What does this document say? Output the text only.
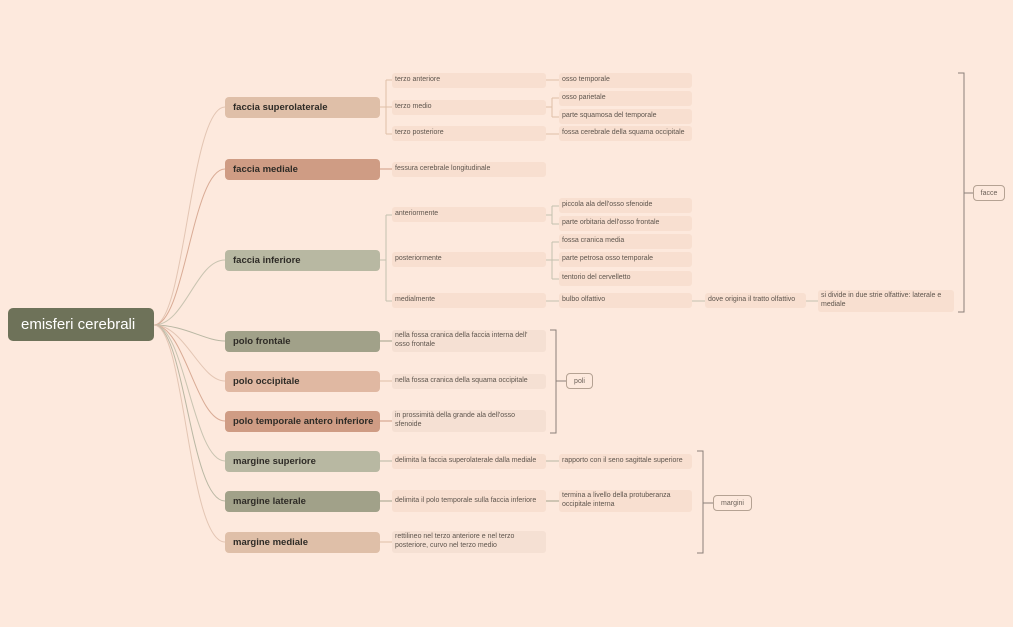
emisferi cerebrali
faccia superolaterale
terzo anteriore	osso temporale
terzo medio
osso parietale
parte squamosa del temporale
terzo posteriore	fossa cerebrale della squama occipitale
faccia mediale	fessura cerebrale longitudinale
faccia inferiore
anteriormente
piccola ala dell'osso sfenoide
parte orbitaria dell'osso frontale
posteriormente
fossa cranica media
parte petrosa osso temporale
tentorio del cervelletto
medialmente	bulbo olfattivo	dove origina il tratto olfattivo
si divide in due strie olfattive: laterale e mediale
polo frontale
nella fossa cranica della faccia interna dell' osso frontale
polo occipitale	nella fossa cranica della squama occipitale
polo temporale antero inferiore
in prossimità della grande ala dell'osso sfenoide
margine superiore	delimita la faccia superolaterale dalla mediale	rapporto con il seno sagittale superiore
margine laterale	delimita il polo temporale sulla faccia inferiore
termina a livello della protuberanza occipitale interna
margine mediale
rettilineo nel terzo anteriore e nel terzo posteriore, curvo nel terzo medio
facce
poli
margini
